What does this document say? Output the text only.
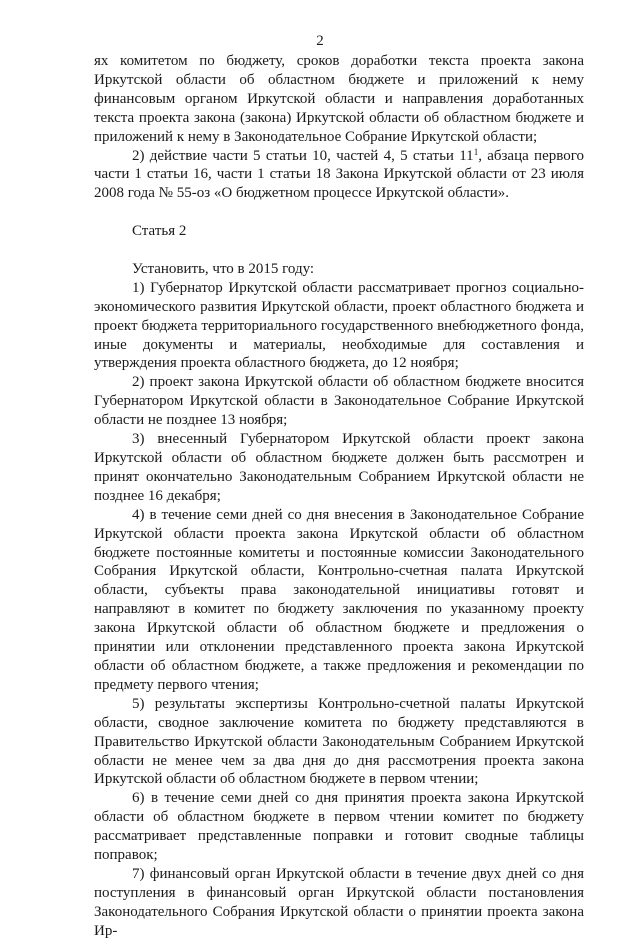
2

ях комитетом по бюджету, сроков доработки текста проекта закона Иркутской области об областном бюджете и приложений к нему финансовым органом Иркутской области и направления доработанных текста проекта закона (закона) Иркутской области об областном бюджете и приложений к нему в Законодательное Собрание Иркутской области;

2) действие части 5 статьи 10, частей 4, 5 статьи $11^1$, абзаца первого части 1 статьи 16, части 1 статьи 18 Закона Иркутской области от 23 июля 2008 года № 55-оз «О бюджетном процессе Иркутской области».

Статья 2

Установить, что в 2015 году:

1) Губернатор Иркутской области рассматривает прогноз социально-экономического развития Иркутской области, проект областного бюджета и проект бюджета территориального государственного внебюджетного фонда, иные документы и материалы, необходимые для составления и утверждения проекта областного бюджета, до 12 ноября;

2) проект закона Иркутской области об областном бюджете вносится Губернатором Иркутской области в Законодательное Собрание Иркутской области не позднее 13 ноября;

3) внесенный Губернатором Иркутской области проект закона Иркутской области об областном бюджете должен быть рассмотрен и принят окончательно Законодательным Собранием Иркутской области не позднее 16 декабря;

4) в течение семи дней со дня внесения в Законодательное Собрание Иркутской области проекта закона Иркутской области об областном бюджете постоянные комитеты и постоянные комиссии Законодательного Собрания Иркутской области, Контрольно-счетная палата Иркутской области, субъекты права законодательной инициативы готовят и направляют в комитет по бюджету заключения по указанному проекту закона Иркутской области об областном бюджете и предложения о принятии или отклонении представленного проекта закона Иркутской области об областном бюджете, а также предложения и рекомендации по предмету первого чтения;

5) результаты экспертизы Контрольно-счетной палаты Иркутской области, сводное заключение комитета по бюджету представляются в Правительство Иркутской области Законодательным Собранием Иркутской области не менее чем за два дня до дня рассмотрения проекта закона Иркутской области об областном бюджете в первом чтении;

6) в течение семи дней со дня принятия проекта закона Иркутской области об областном бюджете в первом чтении комитет по бюджету рассматривает представленные поправки и готовит сводные таблицы поправок;

7) финансовый орган Иркутской области в течение двух дней со дня поступления в финансовый орган Иркутской области постановления Законодательного Собрания Иркутской области о принятии проекта закона Ир-
